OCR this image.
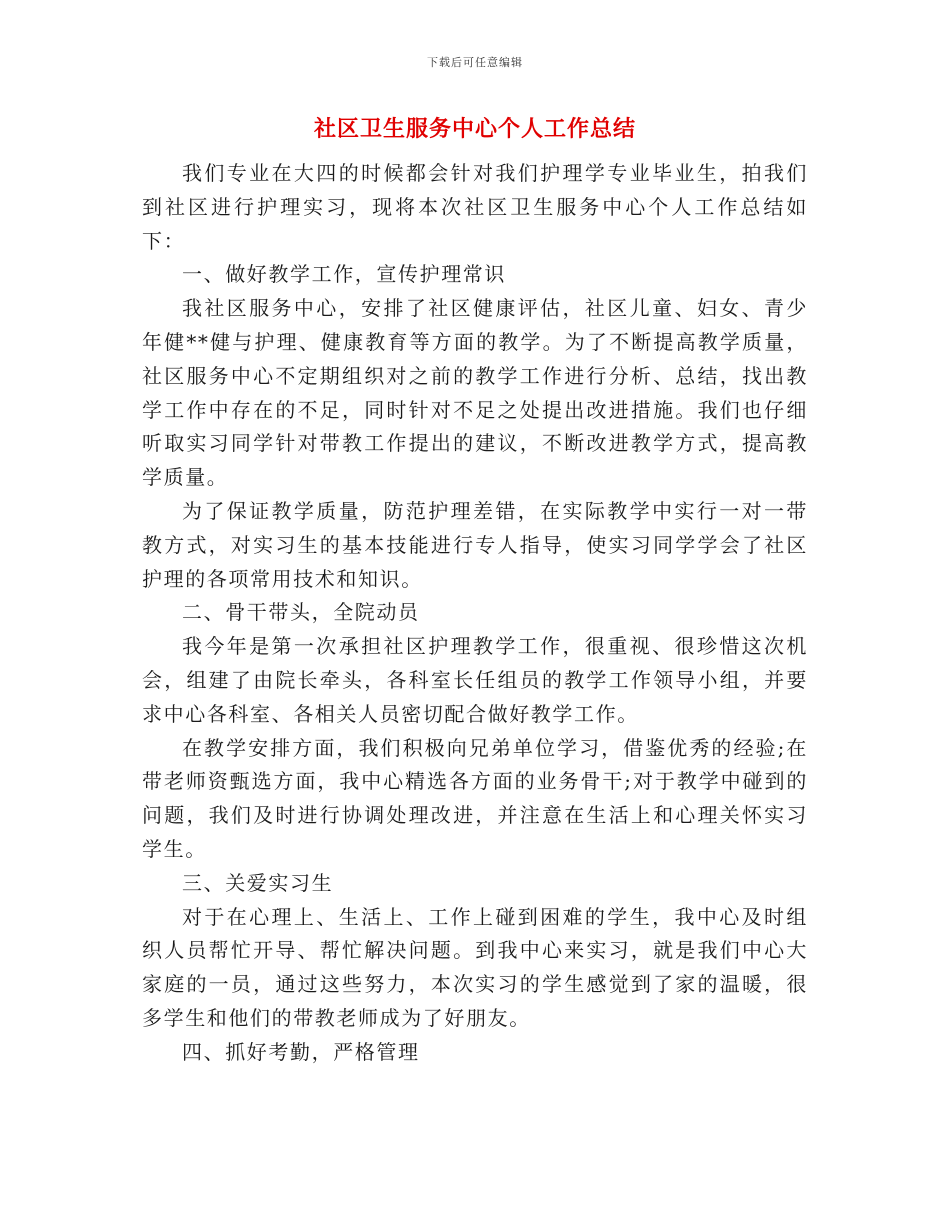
下载后可任意编辑
社区卫生服务中心个人工作总结

我们专业在大四的时候都会针对我们护理学专业毕业生，拍我们到社区进行护理实习，现将本次社区卫生服务中心个人工作总结如下：

一、做好教学工作，宣传护理常识

我社区服务中心，安排了社区健康评估，社区儿童、妇女、青少年健**健与护理、健康教育等方面的教学。为了不断提高教学质量，社区服务中心不定期组织对之前的教学工作进行分析、总结，找出教学工作中存在的不足，同时针对不足之处提出改进措施。我们也仔细听取实习同学针对带教工作提出的建议，不断改进教学方式，提高教学质量。

为了保证教学质量，防范护理差错，在实际教学中实行一对一带教方式，对实习生的基本技能进行专人指导，使实习同学学会了社区护理的各项常用技术和知识。

二、骨干带头，全院动员

我今年是第一次承担社区护理教学工作，很重视、很珍惜这次机会，组建了由院长牵头，各科室长任组员的教学工作领导小组，并要求中心各科室、各相关人员密切配合做好教学工作。

在教学安排方面，我们积极向兄弟单位学习，借鉴优秀的经验;在带老师资甄选方面，我中心精选各方面的业务骨干;对于教学中碰到的问题，我们及时进行协调处理改进，并注意在生活上和心理关怀实习学生。

三、关爱实习生

对于在心理上、生活上、工作上碰到困难的学生，我中心及时组织人员帮忙开导、帮忙解决问题。到我中心来实习，就是我们中心大家庭的一员，通过这些努力，本次实习的学生感觉到了家的温暖，很多学生和他们的带教老师成为了好朋友。

四、抓好考勤，严格管理
